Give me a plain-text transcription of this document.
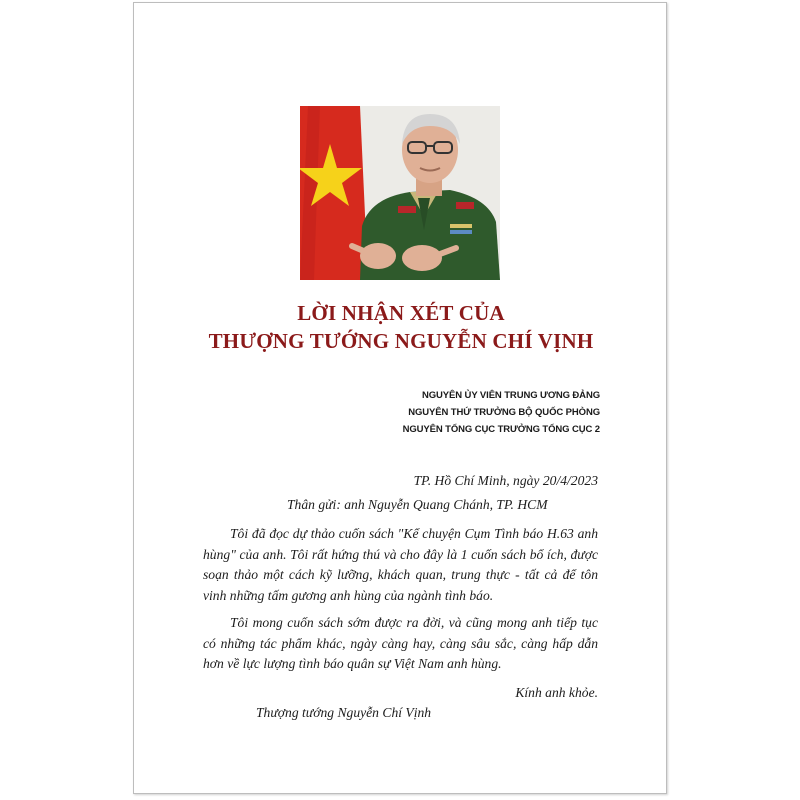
LỜI NHẬN XÉT CỦA
THƯỢNG TƯỚNG NGUYỄN CHÍ VỊNH
NGUYÊN ỦY VIÊN TRUNG ƯƠNG ĐẢNG
NGUYÊN THỨ TRƯỞNG BỘ QUỐC PHÒNG
NGUYÊN TỔNG CỤC TRƯỞNG TỔNG CỤC 2
TP. Hồ Chí Minh, ngày 20/4/2023
Thân gửi: anh Nguyễn Quang Chánh, TP. HCM

Tôi đã đọc dự thảo cuốn sách "Kể chuyện Cụm Tình báo H.63 anh hùng" của anh. Tôi rất hứng thú và cho đây là 1 cuốn sách bổ ích, được soạn thảo một cách kỹ lưỡng, khách quan, trung thực - tất cả để tôn vinh những tấm gương anh hùng của ngành tình báo.

Tôi mong cuốn sách sớm được ra đời, và cũng mong anh tiếp tục có những tác phẩm khác, ngày càng hay, càng sâu sắc, càng hấp dẫn hơn về lực lượng tình báo quân sự Việt Nam anh hùng.

Kính anh khỏe.
Thượng tướng Nguyễn Chí Vịnh
